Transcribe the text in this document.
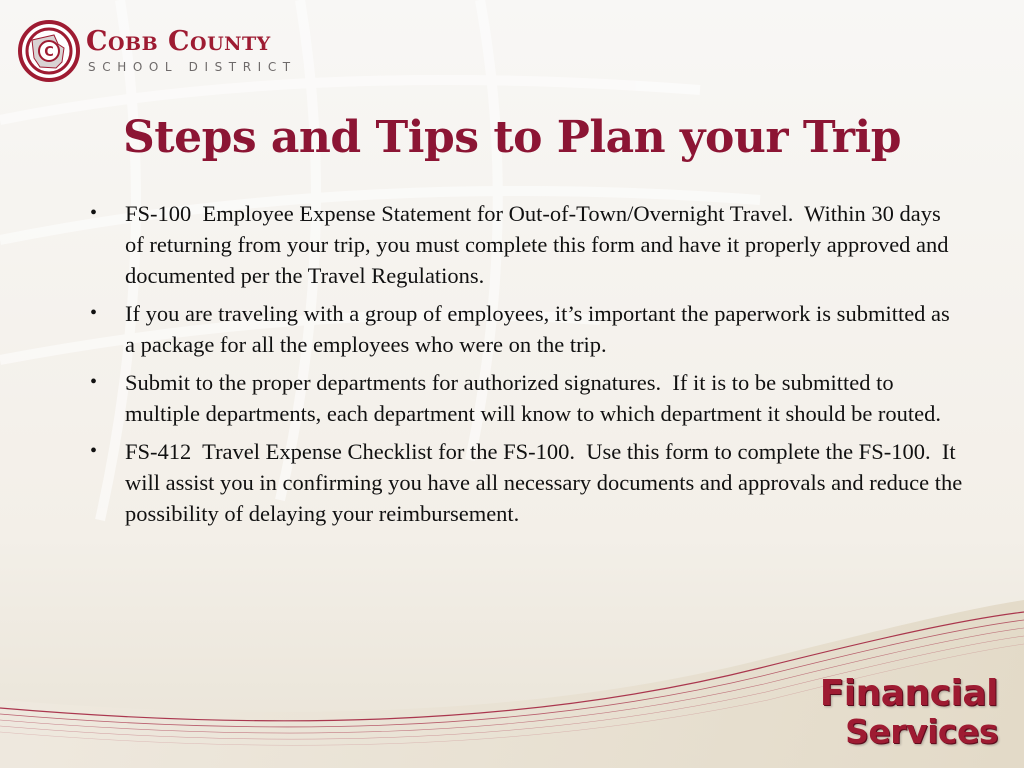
C Cobb County
SCHOOL DISTRICT
Steps and Tips to Plan your Trip
• FS-100  Employee Expense Statement for Out-of-Town/Overnight Travel.  Within 30 days of returning from your trip, you must complete this form and have it properly approved and documented per the Travel Regulations.
• If you are traveling with a group of employees, it’s important the paperwork is submitted as a package for all the employees who were on the trip.
• Submit to the proper departments for authorized signatures.  If it is to be submitted to multiple departments, each department will know to which department it should be routed.
• FS-412  Travel Expense Checklist for the FS-100.  Use this form to complete the FS-100.  It will assist you in confirming you have all necessary documents and approvals and reduce the possibility of delaying your reimbursement.
Financial
Services
